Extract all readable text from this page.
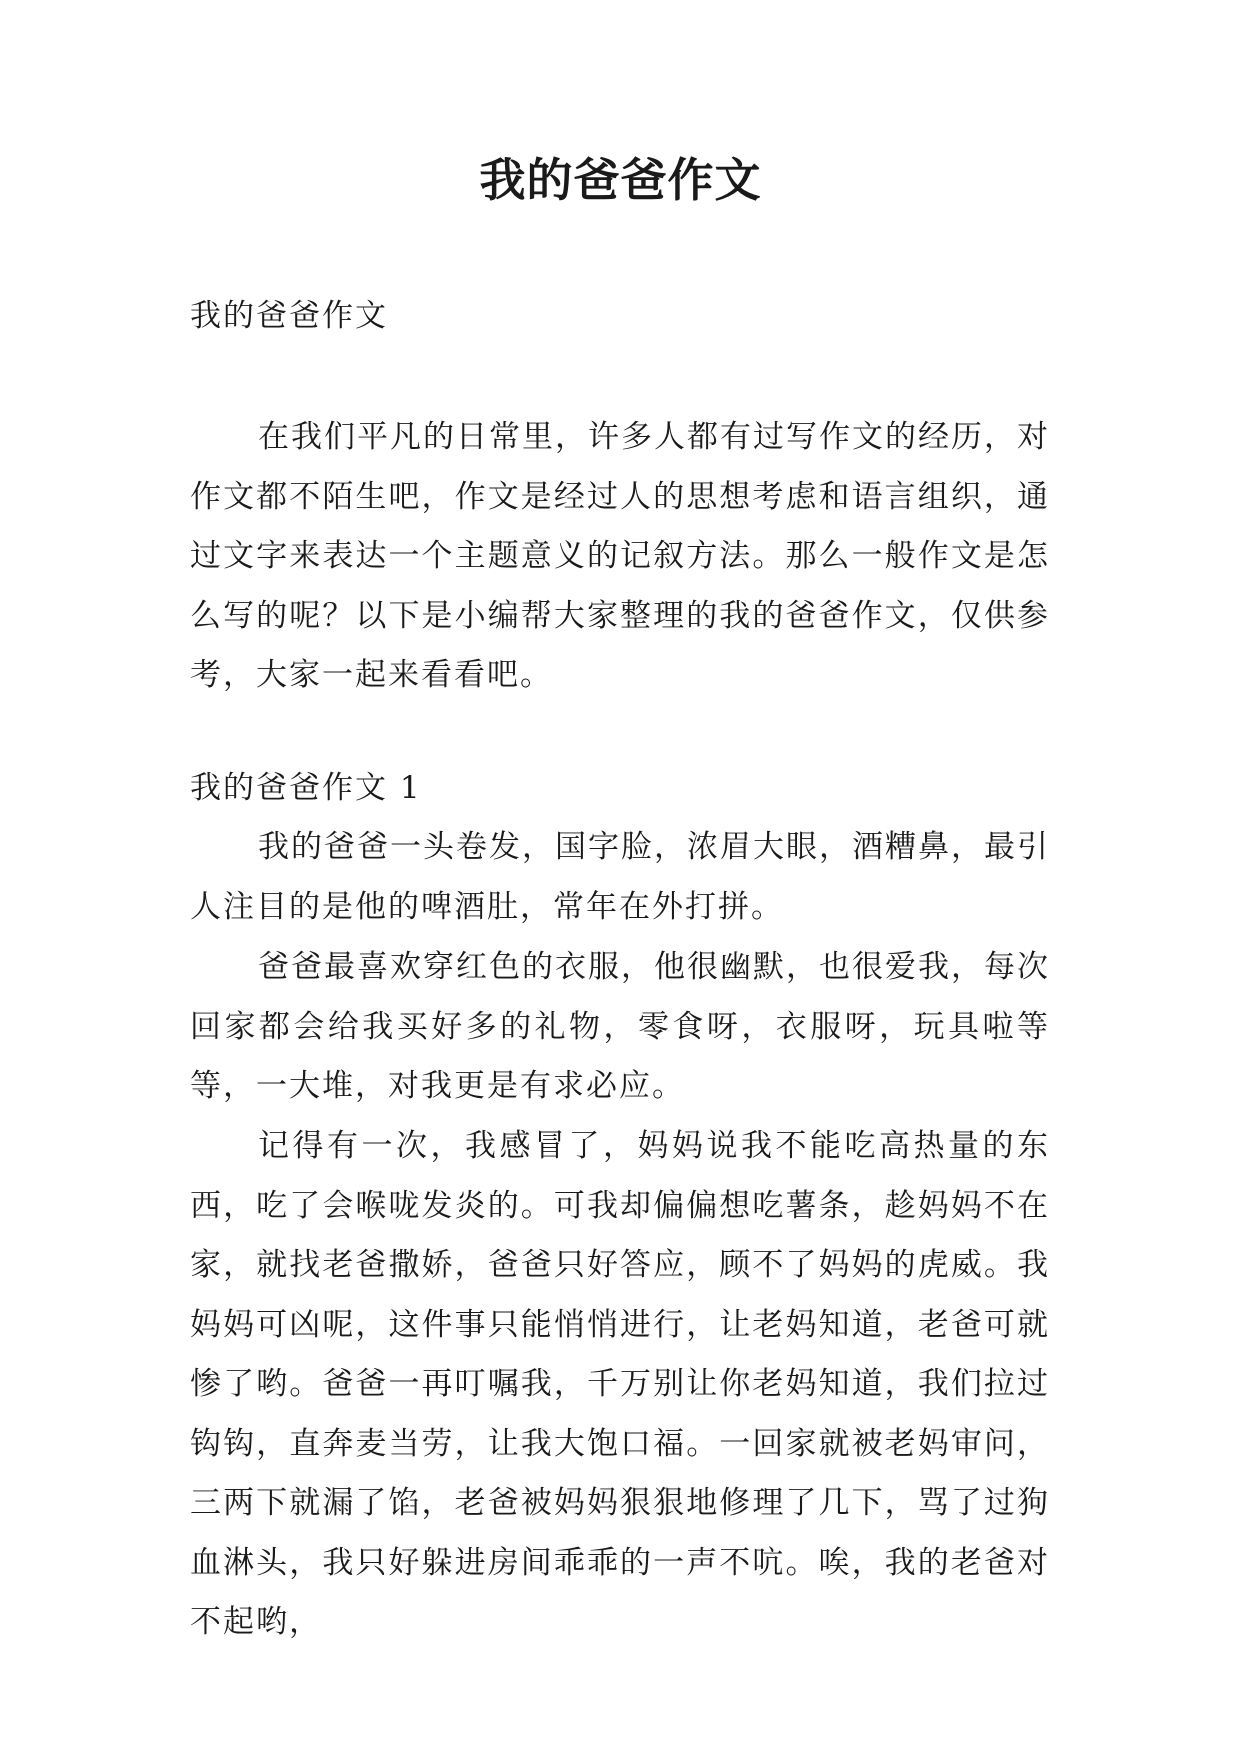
我的爸爸作文

我的爸爸作文

在我们平凡的日常里，许多人都有过写作文的经历，对作文都不陌生吧，作文是经过人的思想考虑和语言组织，通过文字来表达一个主题意义的记叙方法。那么一般作文是怎么写的呢？以下是小编帮大家整理的我的爸爸作文，仅供参考，大家一起来看看吧。

我的爸爸作文 1

我的爸爸一头卷发，国字脸，浓眉大眼，酒糟鼻，最引人注目的是他的啤酒肚，常年在外打拼。

爸爸最喜欢穿红色的衣服，他很幽默，也很爱我，每次回家都会给我买好多的礼物，零食呀，衣服呀，玩具啦等等，一大堆，对我更是有求必应。

记得有一次，我感冒了，妈妈说我不能吃高热量的东西，吃了会喉咙发炎的。可我却偏偏想吃薯条，趁妈妈不在家，就找老爸撒娇，爸爸只好答应，顾不了妈妈的虎威。我妈妈可凶呢，这件事只能悄悄进行，让老妈知道，老爸可就惨了哟。爸爸一再叮嘱我，千万别让你老妈知道，我们拉过钩钩，直奔麦当劳，让我大饱口福。一回家就被老妈审问，三两下就漏了馅，老爸被妈妈狠狠地修理了几下，骂了过狗血淋头，我只好躲进房间乖乖的一声不吭。唉，我的老爸对不起哟，
